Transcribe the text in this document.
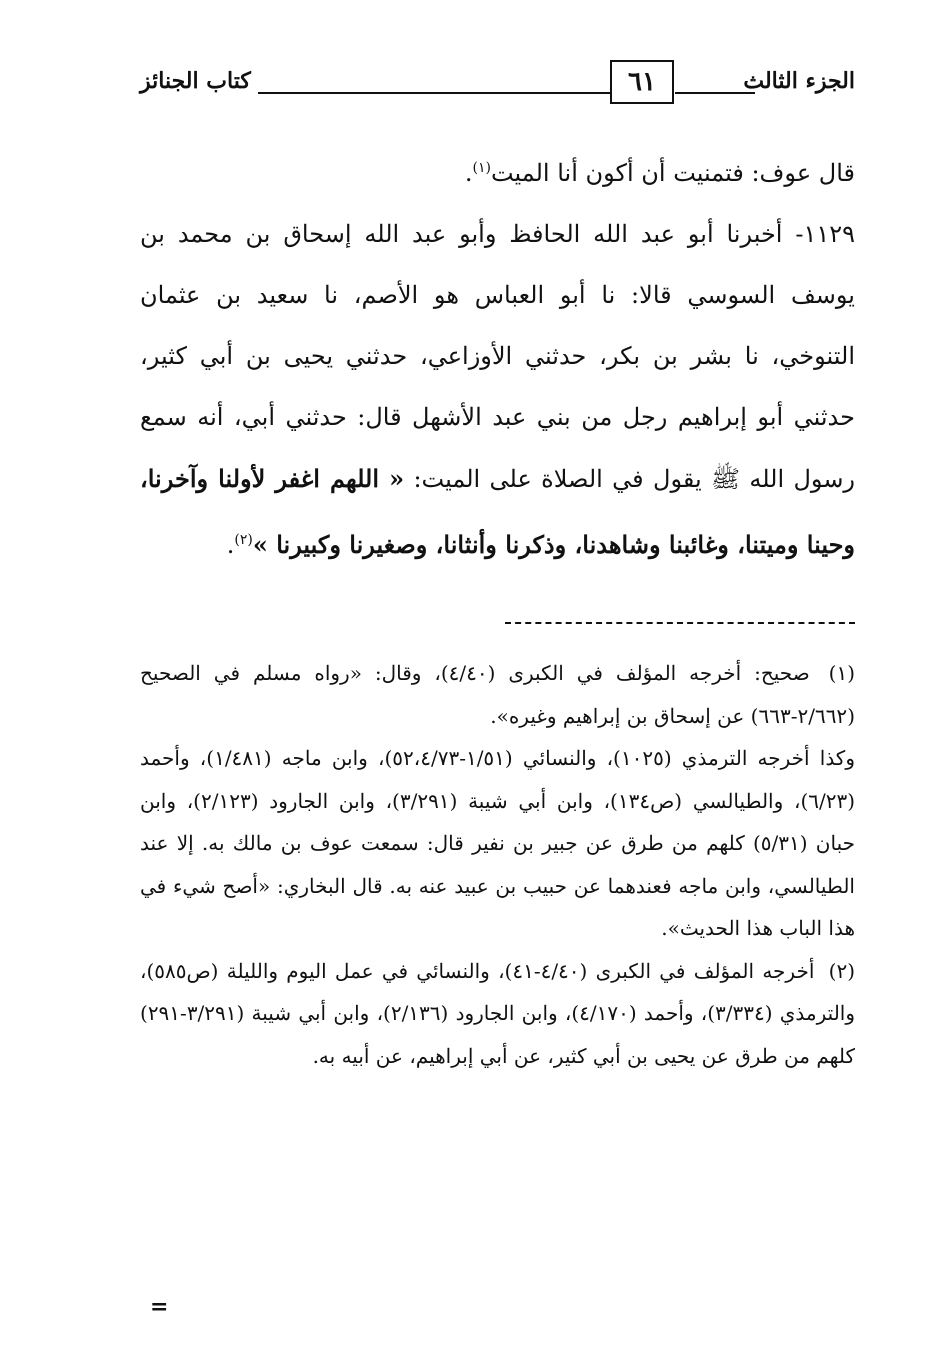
كتاب الجنائز	٦١	الجزء الثالث

قال عوف: فتمنيت أن أكون أنا الميت$^{(١)}$.

١١٢٩- أخبرنا أبو عبد الله الحافظ وأبو عبد الله إسحاق بن محمد بن يوسف السوسي قالا: نا أبو العباس هو الأصم، نا سعيد بن عثمان التنوخي، نا بشر بن بكر، حدثني الأوزاعي، حدثني يحيى بن أبي كثير، حدثني أبو إبراهيم رجل من بني عبد الأشهل قال: حدثني أبي، أنه سمع رسول الله ﷺ يقول في الصلاة على الميت: « اللهم اغفر لأولنا وآخرنا، وحينا وميتنا، وغائبنا وشاهدنا، وذكرنا وأنثانا، وصغيرنا وكبيرنا »$^{(٢)}$.

(١) صحيح: أخرجه المؤلف في الكبرى (٤/٤٠)، وقال: «رواه مسلم في الصحيح (٢/٦٦٢-٦٦٣) عن إسحاق بن إبراهيم وغيره».

وكذا أخرجه الترمذي (١٠٢٥)، والنسائي (١/٥١-٥٢،٤/٧٣)، وابن ماجه (١/٤٨١)، وأحمد (٦/٢٣)، والطيالسي (ص١٣٤)، وابن أبي شيبة (٣/٢٩١)، وابن الجارود (٢/١٢٣)، وابن حبان (٥/٣١) كلهم من طرق عن جبير بن نفير قال: سمعت عوف بن مالك به. إلا عند الطيالسي، وابن ماجه فعندهما عن حبيب بن عبيد عنه به. قال البخاري: «أصح شيء في هذا الباب هذا الحديث».

(٢) أخرجه المؤلف في الكبرى (٤/٤٠-٤١)، والنسائي في عمل اليوم والليلة (ص٥٨٥)، والترمذي (٣/٣٣٤)، وأحمد (٤/١٧٠)، وابن الجارود (٢/١٣٦)، وابن أبي شيبة (٣/٢٩١-٢٩١) كلهم من طرق عن يحيى بن أبي كثير، عن أبي إبراهيم، عن أبيه به.

=
